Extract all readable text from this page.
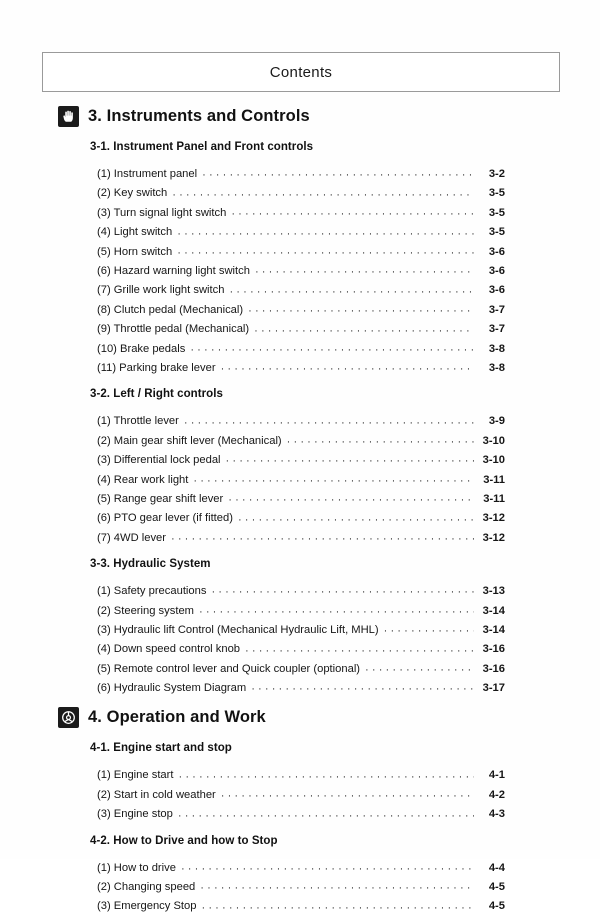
Contents
3. Instruments and Controls
3-1. Instrument Panel and Front controls
(1) Instrument panel · · ·	3-2
(2) Key switch · · ·	3-5
(3) Turn signal light switch · · ·	3-5
(4) Light switch · · ·	3-5
(5) Horn switch · · ·	3-6
(6) Hazard warning light switch · · ·	3-6
(7) Grille work light switch · · ·	3-6
(8) Clutch pedal (Mechanical) · · ·	3-7
(9) Throttle pedal (Mechanical) · · ·	3-7
(10) Brake pedals · · ·	3-8
(11) Parking brake lever · · ·	3-8
3-2. Left / Right controls
(1) Throttle lever · · ·	3-9
(2) Main gear shift lever (Mechanical) · · ·	3-10
(3) Differential lock pedal · · ·	3-10
(4) Rear work light · · ·	3-11
(5) Range gear shift lever · · ·	3-11
(6) PTO gear lever (if fitted) · · ·	3-12
(7) 4WD lever · · ·	3-12
3-3. Hydraulic System
(1) Safety precautions · · ·	3-13
(2) Steering system · · ·	3-14
(3) Hydraulic lift Control (Mechanical Hydraulic Lift, MHL) · · ·	3-14
(4) Down speed control knob · · ·	3-16
(5) Remote control lever and Quick coupler (optional) · · ·	3-16
(6) Hydraulic System Diagram · · ·	3-17
4. Operation and Work
4-1. Engine start and stop
(1) Engine start · · ·	4-1
(2) Start in cold weather · · ·	4-2
(3) Engine stop · · ·	4-3
4-2. How to Drive and how to Stop
(1) How to drive · · ·	4-4
(2) Changing speed · · ·	4-5
(3) Emergency Stop · · ·	4-5
